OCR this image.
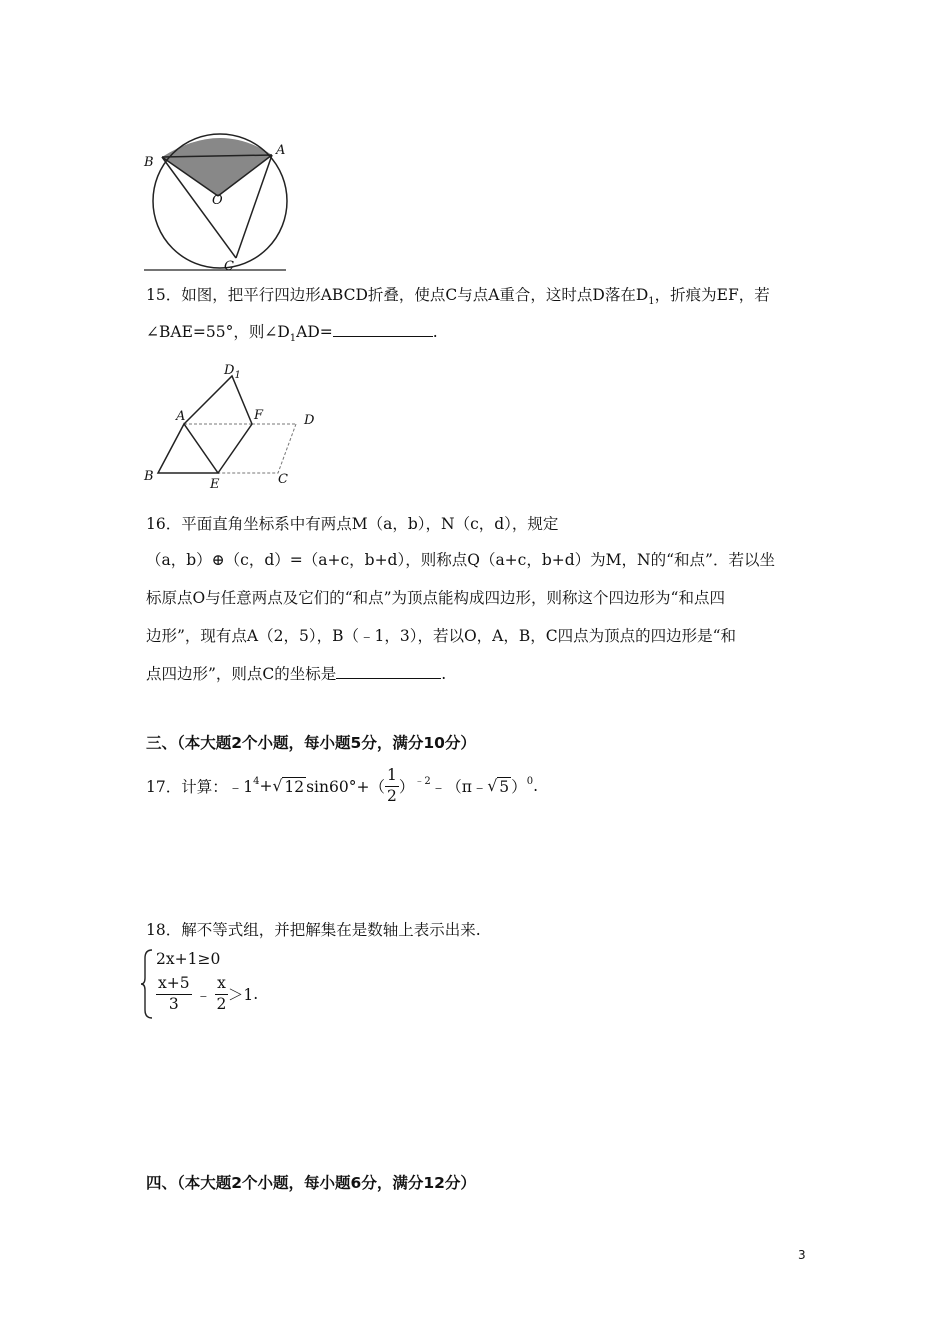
B
A
O
C
15．如图，把平行四边形ABCD折叠，使点C与点A重合，这时点D落在$D_1$，折痕为EF，若
∠BAE=55°，则$\angle D_1AD=$	.
$D_1$
A	F	D
B
E	C
16．平面直角坐标系中有两点M（a，b），N（c，d），规定
（a，b）⊕（c，d）=（a+c，b+d），则称点Q（a+c，b+d）为M，N的“和点”．若以坐
标原点O与任意两点及它们的“和点”为顶点能构成四边形，则称这个四边形为“和点四
边形”，现有点A（2，5），B（﹣1，3），若以O，A，B，C四点为顶点的四边形是“和
点四边形”，则点C的坐标是	.
三、（本大题2个小题，每小题5分，满分10分）
17．计算：$﹣1^4+√$ 12 $\sin 60^\circ+( \frac{1}{2}$ ）$^{﹣2}﹣(\pi﹣√$ 5 ）$^0$.
18．解不等式组，并把解集在是数轴上表示出来.
2x+1≥0
$\frac{x+5}{3}$ ﹣ $\frac{x}{2} >1$.
四、（本大题2个小题，每小题6分，满分12分）
3
